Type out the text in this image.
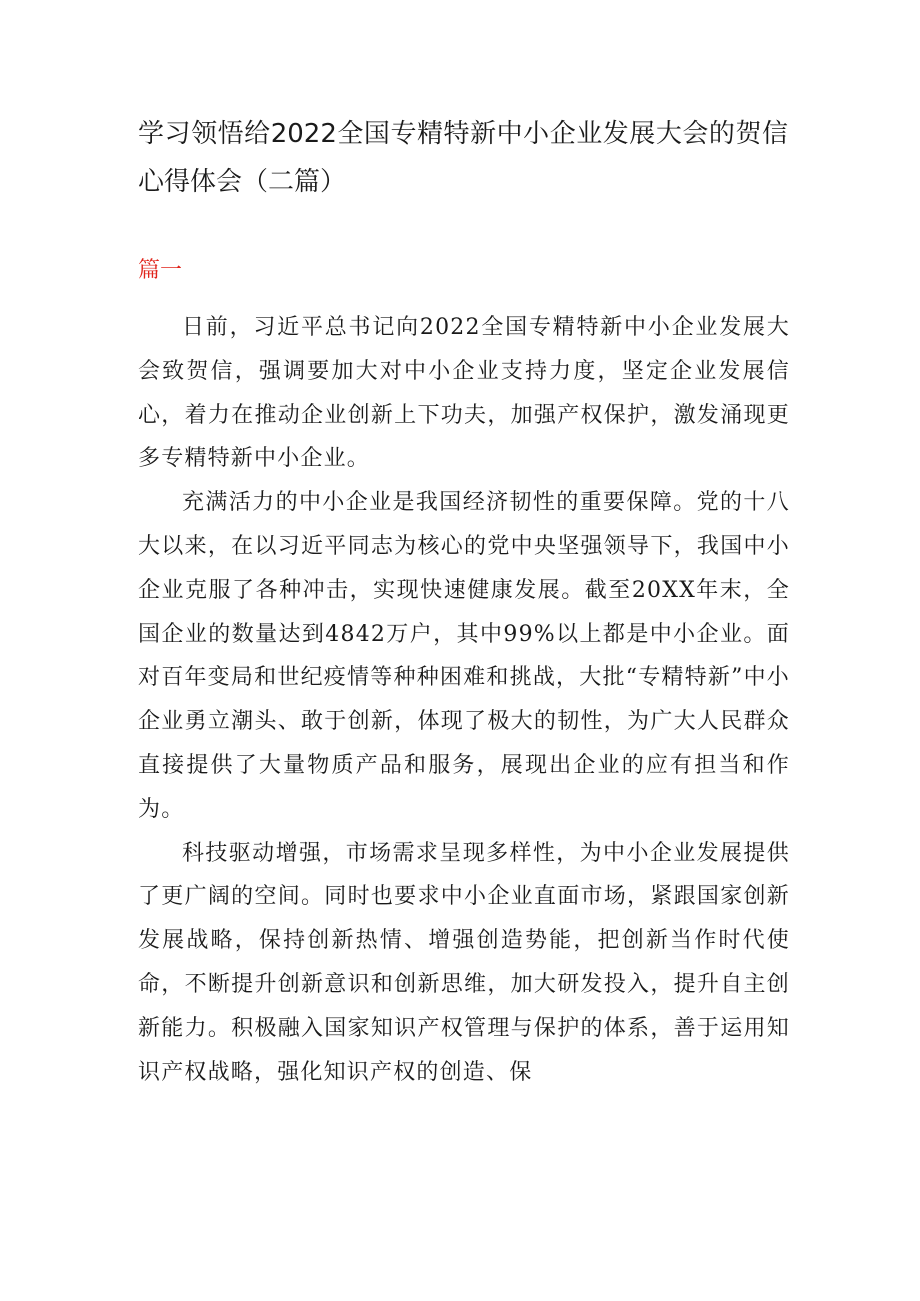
学习领悟给2022全国专精特新中小企业发展大会的贺信心得体会（二篇）
篇一

日前，习近平总书记向2022全国专精特新中小企业发展大会致贺信，强调要加大对中小企业支持力度，坚定企业发展信心，着力在推动企业创新上下功夫，加强产权保护，激发涌现更多专精特新中小企业。

充满活力的中小企业是我国经济韧性的重要保障。党的十八大以来，在以习近平同志为核心的党中央坚强领导下，我国中小企业克服了各种冲击，实现快速健康发展。截至20XX年末，全国企业的数量达到4842万户，其中99%以上都是中小企业。面对百年变局和世纪疫情等种种困难和挑战，大批“专精特新”中小企业勇立潮头、敢于创新，体现了极大的韧性，为广大人民群众直接提供了大量物质产品和服务，展现出企业的应有担当和作为。

科技驱动增强，市场需求呈现多样性，为中小企业发展提供了更广阔的空间。同时也要求中小企业直面市场，紧跟国家创新发展战略，保持创新热情、增强创造势能，把创新当作时代使命，不断提升创新意识和创新思维，加大研发投入，提升自主创新能力。积极融入国家知识产权管理与保护的体系，善于运用知识产权战略，强化知识产权的创造、保
